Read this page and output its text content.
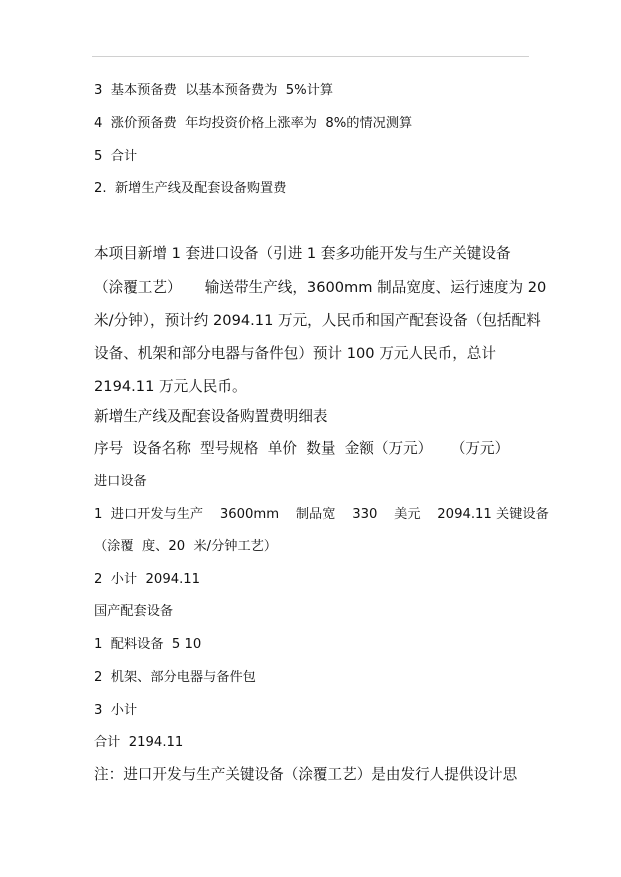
3  基本预备费  以基本预备费为  5%计算
4  涨价预备费  年均投资价格上涨率为  8%的情况测算
5  合计
2.  新增生产线及配套设备购置费
本项目新增 1 套进口设备（引进 1 套多功能开发与生产关键设备
（涂覆工艺）     输送带生产线，3600mm 制品宽度、运行速度为 20
米/分钟），预计约 2094.11 万元，人民币和国产配套设备（包括配料
设备、机架和部分电器与备件包）预计 100 万元人民币，总计
2194.11 万元人民币。
新增生产线及配套设备购置费明细表
序号  设备名称  型号规格  单价  数量  金额（万元）    （万元）
进口设备
1  进口开发与生产    3600mm    制品宽    330    美元    2094.11 关键设备
（涂覆  度、20  米/分钟工艺）
2  小计  2094.11
国产配套设备
1  配料设备  5 10
2  机架、部分电器与备件包
3  小计
合计  2194.11
注：进口开发与生产关键设备（涂覆工艺）是由发行人提供设计思
